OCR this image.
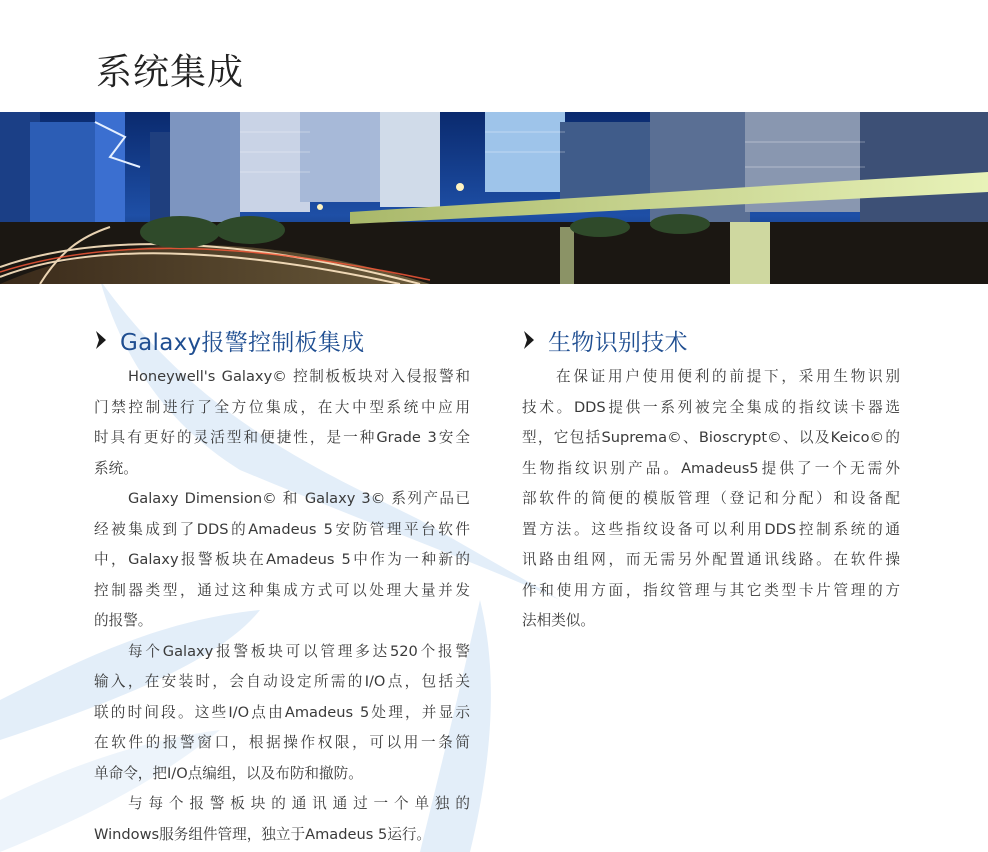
系统集成
Galaxy报警控制板集成

Honeywell's Galaxy© 控制板板块对入侵报警和
门禁控制进行了全方位集成，在大中型系统中应用
时具有更好的灵活型和便捷性，是一种Grade 3安全
系统。

Galaxy Dimension© 和 Galaxy 3© 系列产品已
经被集成到了DDS的Amadeus 5安防管理平台软件
中，Galaxy报警板块在Amadeus 5中作为一种新的
控制器类型，通过这种集成方式可以处理大量并发
的报警。

每个Galaxy报警板块可以管理多达520个报警
输入，在安装时，会自动设定所需的I/O点，包括关
联的时间段。这些I/O点由Amadeus 5处理，并显示
在软件的报警窗口，根据操作权限，可以用一条简
单命令，把I/O点编组，以及布防和撤防。

与每个报警板块的通讯通过一个单独的
Windows服务组件管理，独立于Amadeus 5运行。

生物识别技术

在保证用户使用便利的前提下，采用生物识别
技术。DDS提供一系列被完全集成的指纹读卡器选
型，它包括Suprema©、Bioscrypt©、以及Keico©的
生物指纹识别产品。Amadeus5提供了一个无需外
部软件的简便的模版管理（登记和分配）和设备配
置方法。这些指纹设备可以利用DDS控制系统的通
讯路由组网，而无需另外配置通讯线路。在软件操
作和使用方面，指纹管理与其它类型卡片管理的方
法相类似。
